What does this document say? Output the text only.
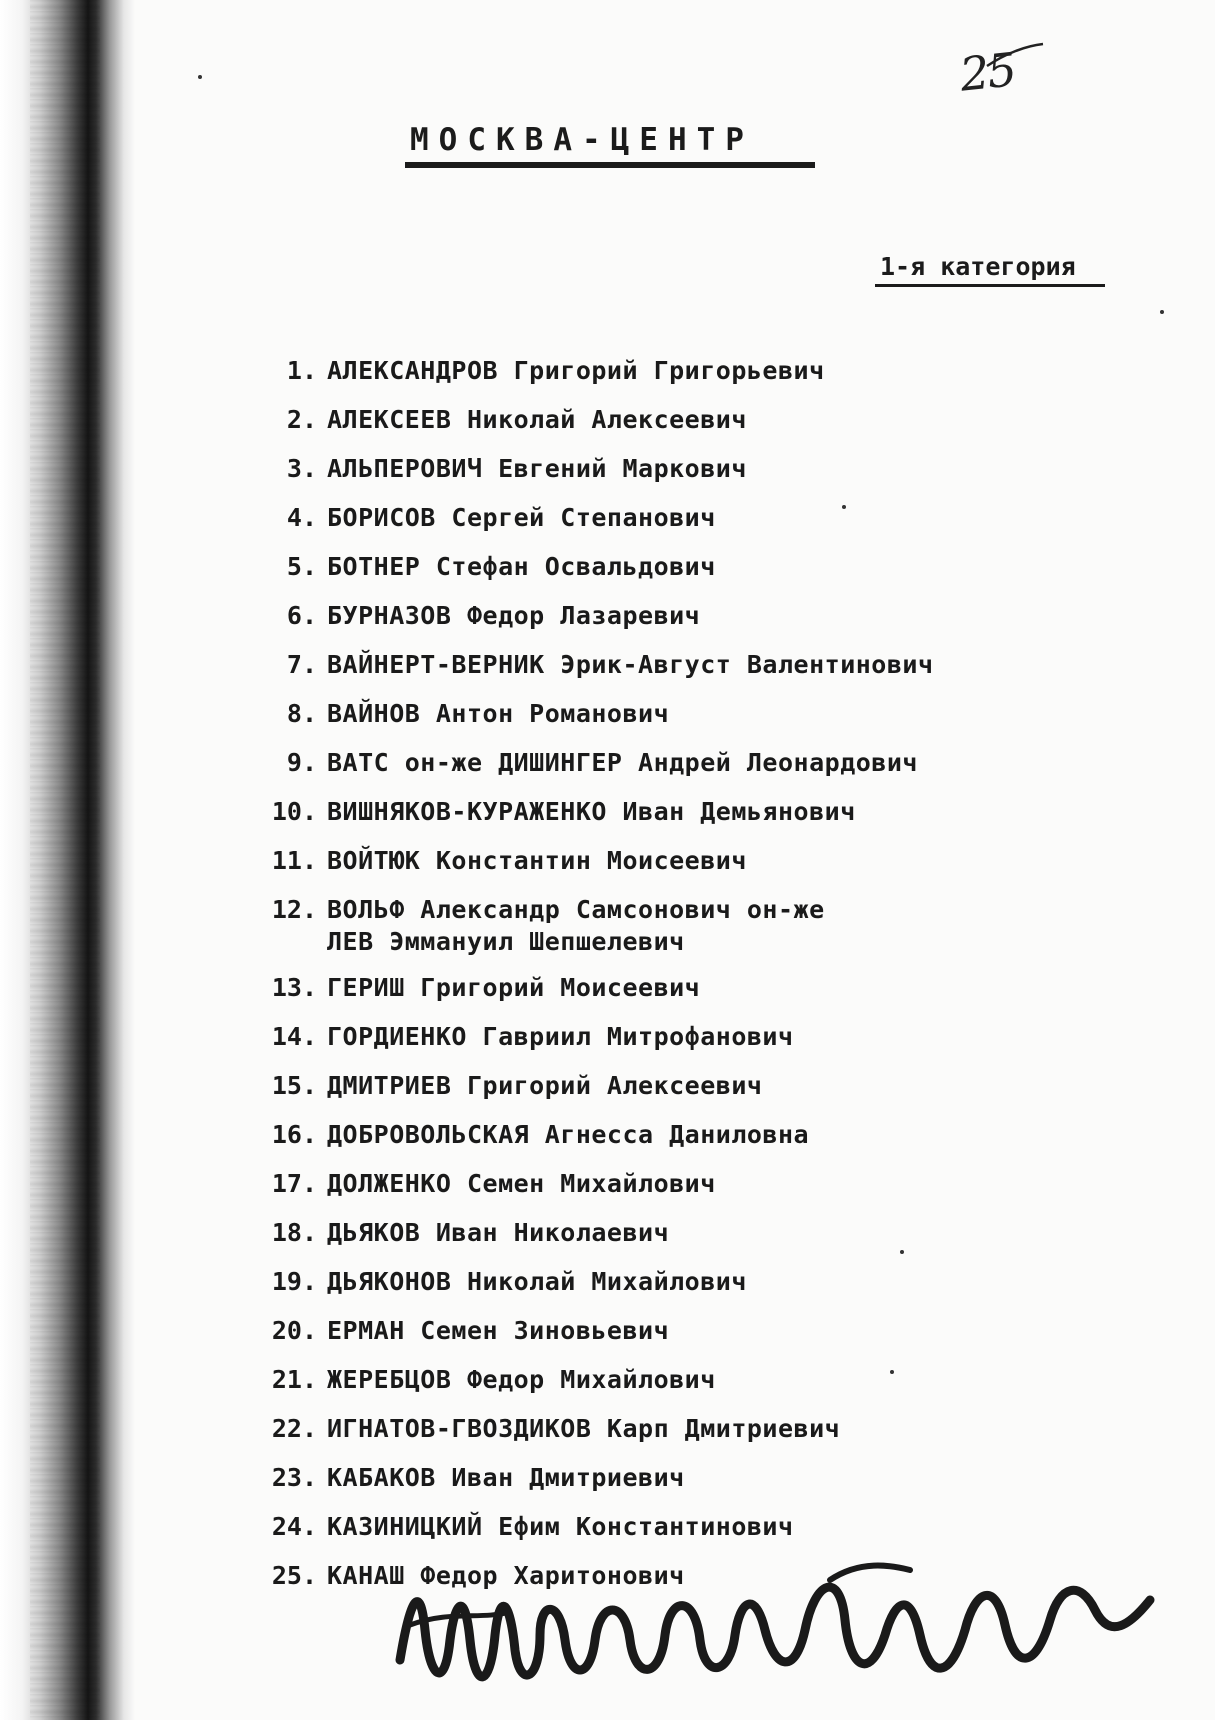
25
МОСКВА-ЦЕНТР
1-я категория
1. АЛЕКСАНДРОВ Григорий Григорьевич
2. АЛЕКСЕЕВ Николай Алексеевич
3. АЛЬПЕРОВИЧ Евгений Маркович
4. БОРИСОВ Сергей Степанович
5. БОТНЕР Стефан Освальдович
6. БУРНАЗОВ Федор Лазаревич
7. ВАЙНЕРТ-ВЕРНИК Эрик-Август Валентинович
8. ВАЙНОВ Антон Романович
9. ВАТС он-же ДИШИНГЕР Андрей Леонардович
10. ВИШНЯКОВ-КУРАЖЕНКО Иван Демьянович
11. ВОЙТЮК Константин Моисеевич
12. ВОЛЬФ Александр Самсонович он-же
ЛЕВ Эммануил Шепшелевич
13. ГЕРИШ Григорий Моисеевич
14. ГОРДИЕНКО Гавриил Митрофанович
15. ДМИТРИЕВ Григорий Алексеевич
16. ДОБРОВОЛЬСКАЯ Агнесса Даниловна
17. ДОЛЖЕНКО Семен Михайлович
18. ДЬЯКОВ Иван Николаевич
19. ДЬЯКОНОВ Николай Михайлович
20. ЕРМАН Семен Зиновьевич
21. ЖЕРЕБЦОВ Федор Михайлович
22. ИГНАТОВ-ГВОЗДИКОВ Карп Дмитриевич
23. КАБАКОВ Иван Дмитриевич
24. КАЗИНИЦКИЙ Ефим Константинович
25. КАНАШ Федор Харитонович
